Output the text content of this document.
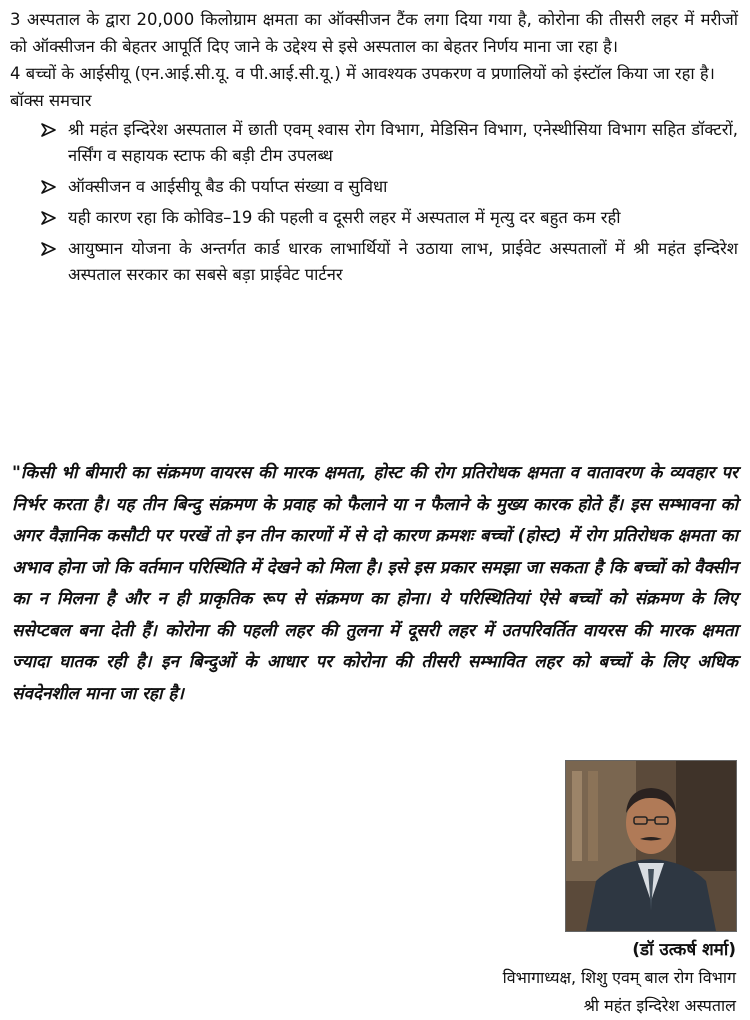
3 अस्पताल के द्वारा 20,000 किलोग्राम क्षमता का ऑक्सीजन टैंक लगा दिया गया है, कोरोना की तीसरी लहर में मरीजों को ऑक्सीजन की बेहतर आपूर्ति दिए जाने के उद्देश्य से इसे अस्पताल का बेहतर निर्णय माना जा रहा है।

4 बच्चों के आईसीयू (एन.आई.सी.यू. व पी.आई.सी.यू.) में आवश्यक उपकरण व प्रणालियों को इंस्टॉल किया जा रहा है।

बॉक्स समचार

श्री महंत इन्दिरेश अस्पताल में छाती एवम् श्वास रोग विभाग, मेडिसिन विभाग, एनेस्थीसिया विभाग सहित डॉक्टरों, नर्सिंग व सहायक स्टाफ की बड़ी टीम उपलब्ध
ऑक्सीजन व आईसीयू बैड की पर्याप्त संख्या व सुविधा
यही कारण रहा कि कोविड–19 की पहली व दूसरी लहर में अस्पताल में मृत्यु दर बहुत कम रही
आयुष्मान योजना के अन्तर्गत कार्ड धारक लाभार्थियों ने उठाया लाभ, प्राईवेट अस्पतालों में श्री महंत इन्दिरेश अस्पताल सरकार का सबसे बड़ा प्राईवेट पार्टनर

"किसी भी बीमारी का संक्रमण वायरस की मारक क्षमता, होस्ट की रोग प्रतिरोधक क्षमता व वातावरण के व्यवहार पर निर्भर करता है। यह तीन बिन्दु संक्रमण के प्रवाह को फैलाने या न फैलाने के मुख्य कारक होते हैं। इस सम्भावना को अगर वैज्ञानिक कसौटी पर परखें तो इन तीन कारणों में से दो कारण क्रमशः बच्चों (होस्ट) में रोग प्रतिरोधक क्षमता का अभाव होना जो कि वर्तमान परिस्थिति में देखने को मिला है। इसे इस प्रकार समझा जा सकता है कि बच्चों को वैक्सीन का न मिलना है और न ही प्राकृतिक रूप से संक्रमण का होना। ये परिस्थितियां ऐसे बच्चों को संक्रमण के लिए ससेप्टबल बना देती हैं। कोरोना की पहली लहर की तुलना में दूसरी लहर में उतपरिवर्तित वायरस की मारक क्षमता ज्यादा घातक रही है। इन बिन्दुओं के आधार पर कोरोना की तीसरी सम्भावित लहर को बच्चों के लिए अधिक संवदेनशील माना जा रहा है।

(डॉ उत्कर्ष शर्मा)
विभागाध्यक्ष, शिशु एवम् बाल रोग विभाग
श्री महंत इन्दिरेश अस्पताल
